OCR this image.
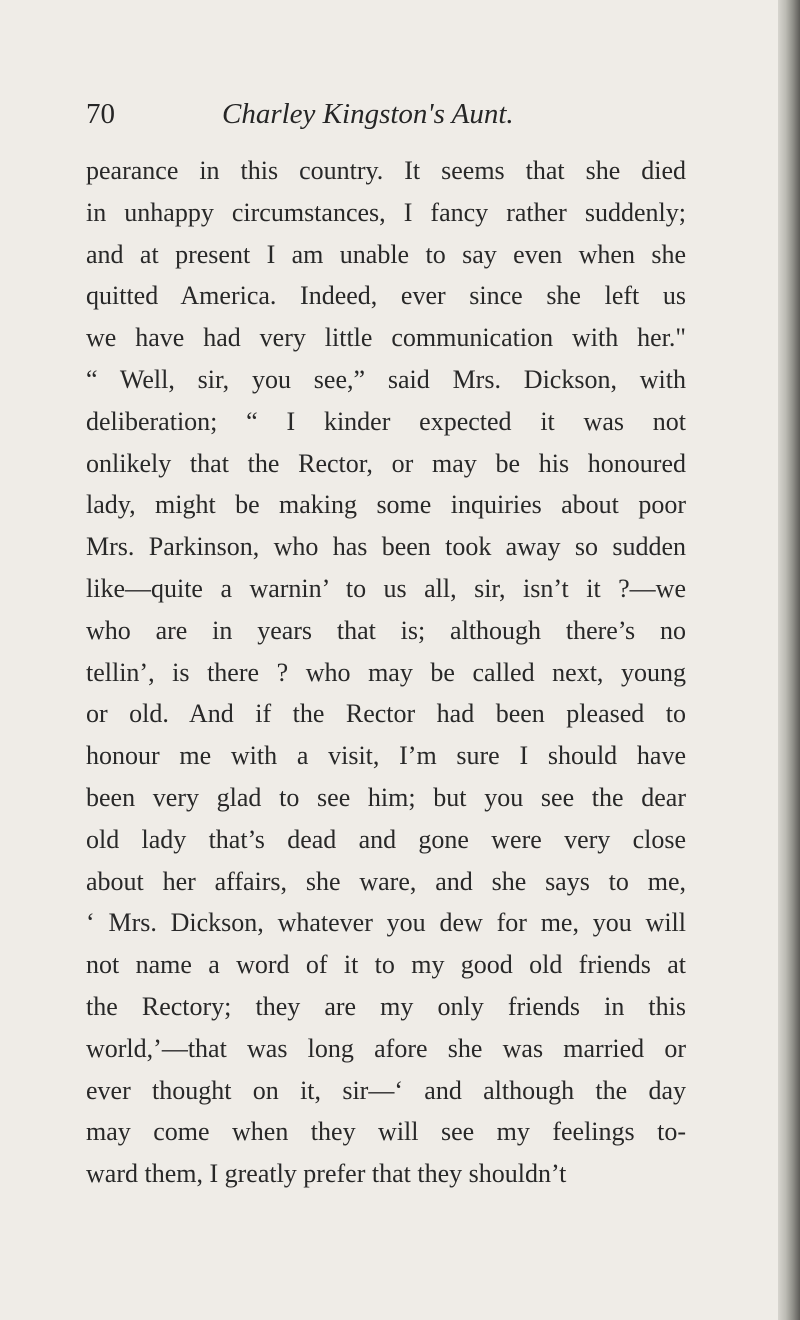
70	Charley Kingston's Aunt.
pearance in this country. It seems that she died
in unhappy circumstances, I fancy rather suddenly;
and at present I am unable to say even when she
quitted America. Indeed, ever since she left us
we have had very little communication with her."
“ Well, sir, you see,” said Mrs. Dickson, with
deliberation; “ I kinder expected it was not
onlikely that the Rector, or may be his honoured
lady, might be making some inquiries about poor
Mrs. Parkinson, who has been took away so sudden
like—quite a warnin’ to us all, sir, isn’t it ?—we
who are in years that is; although there’s no
tellin’, is there ? who may be called next, young
or old. And if the Rector had been pleased to
honour me with a visit, I’m sure I should have
been very glad to see him; but you see the dear
old lady that’s dead and gone were very close
about her affairs, she ware, and she says to me,
‘ Mrs. Dickson, whatever you dew for me, you will
not name a word of it to my good old friends at
the Rectory; they are my only friends in this
world,’—that was long afore she was married or
ever thought on it, sir—‘ and although the day
may come when they will see my feelings to-
ward them, I greatly prefer that they shouldn’t
